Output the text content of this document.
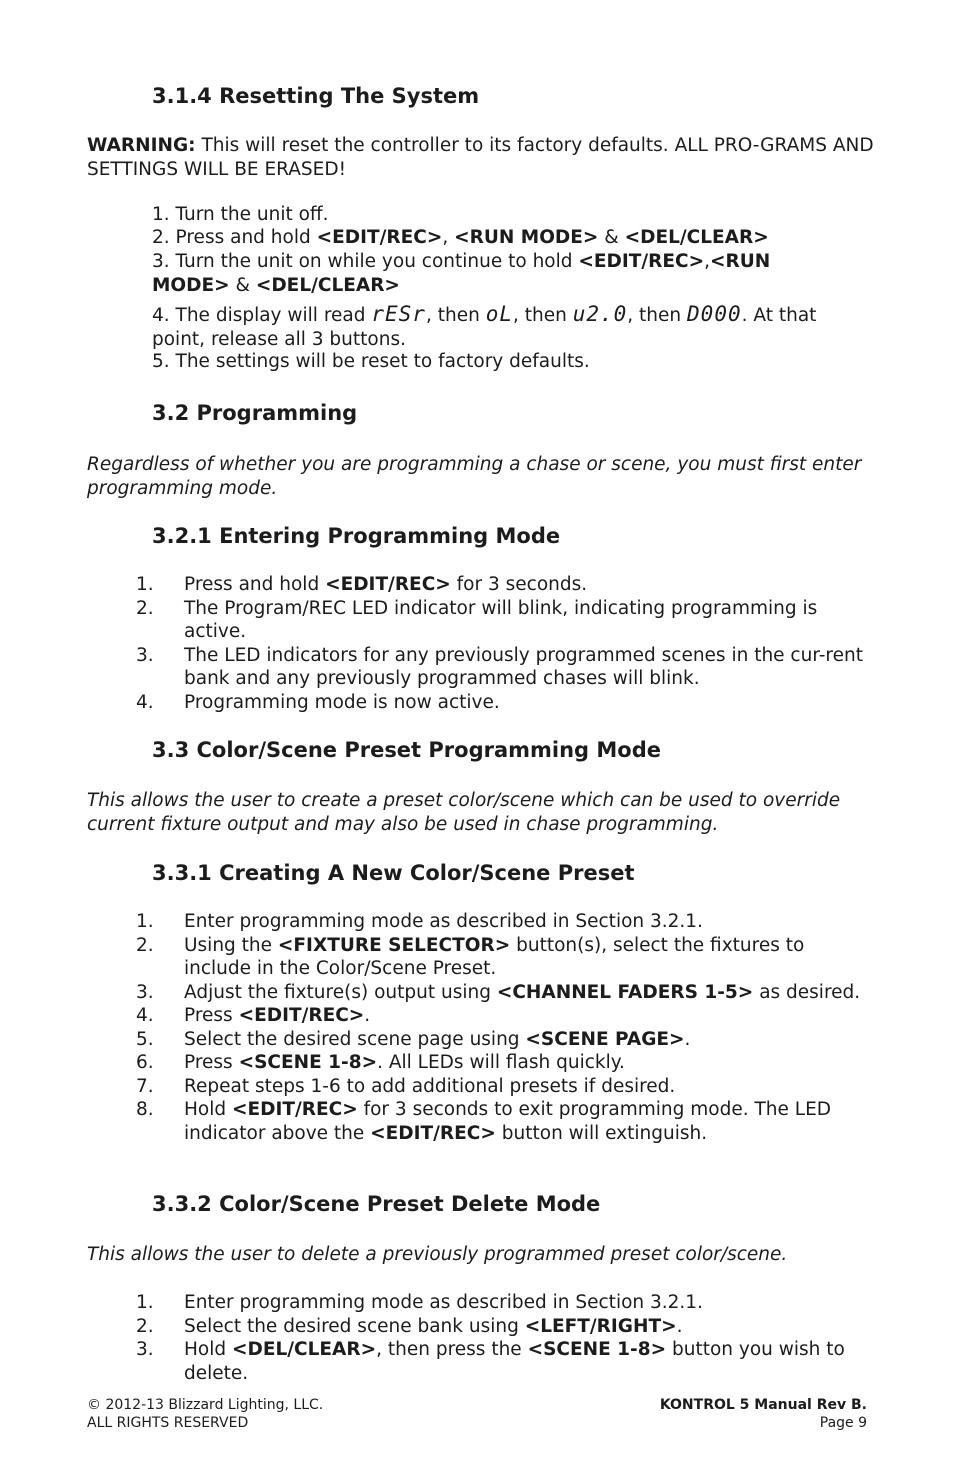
3.1.4 Resetting The System

WARNING: This will reset the controller to its factory defaults. ALL PRO-GRAMS AND SETTINGS WILL BE ERASED!

1. Turn the unit off.

2. Press and hold <EDIT/REC>, <RUN MODE> & <DEL/CLEAR>

3. Turn the unit on while you continue to hold <EDIT/REC>,<RUN MODE> & <DEL/CLEAR>

4. The display will read rESr, then oL, then u2.0, then D000. At that point, release all 3 buttons.

5. The settings will be reset to factory defaults.

3.2 Programming

Regardless of whether you are programming a chase or scene, you must first enter programming mode.

3.2.1 Entering Programming Mode
1. Press and hold <EDIT/REC> for 3 seconds.
2. The Program/REC LED indicator will blink, indicating programming is active.
3. The LED indicators for any previously programmed scenes in the cur-rent bank and any previously programmed chases will blink.
4. Programming mode is now active.
3.3 Color/Scene Preset Programming Mode

This allows the user to create a preset color/scene which can be used to override current fixture output and may also be used in chase programming.

3.3.1 Creating A New Color/Scene Preset
1. Enter programming mode as described in Section 3.2.1.
2. Using the <FIXTURE SELECTOR> button(s), select the fixtures to include in the Color/Scene Preset.
3. Adjust the fixture(s) output using <CHANNEL FADERS 1-5> as desired.
4. Press <EDIT/REC>.
5. Select the desired scene page using <SCENE PAGE>.
6. Press <SCENE 1-8>. All LEDs will flash quickly.
7. Repeat steps 1-6 to add additional presets if desired.
8. Hold <EDIT/REC> for 3 seconds to exit programming mode. The LED indicator above the <EDIT/REC> button will extinguish.
3.3.2 Color/Scene Preset Delete Mode

This allows the user to delete a previously programmed preset color/scene.

1. Enter programming mode as described in Section 3.2.1.
2. Select the desired scene bank using <LEFT/RIGHT>.
3. Hold <DEL/CLEAR>, then press the <SCENE 1-8> button you wish to delete.
© 2012-13 Blizzard Lighting, LLC.
ALL RIGHTS RESERVED
KONTROL 5 Manual Rev B.
Page 9
